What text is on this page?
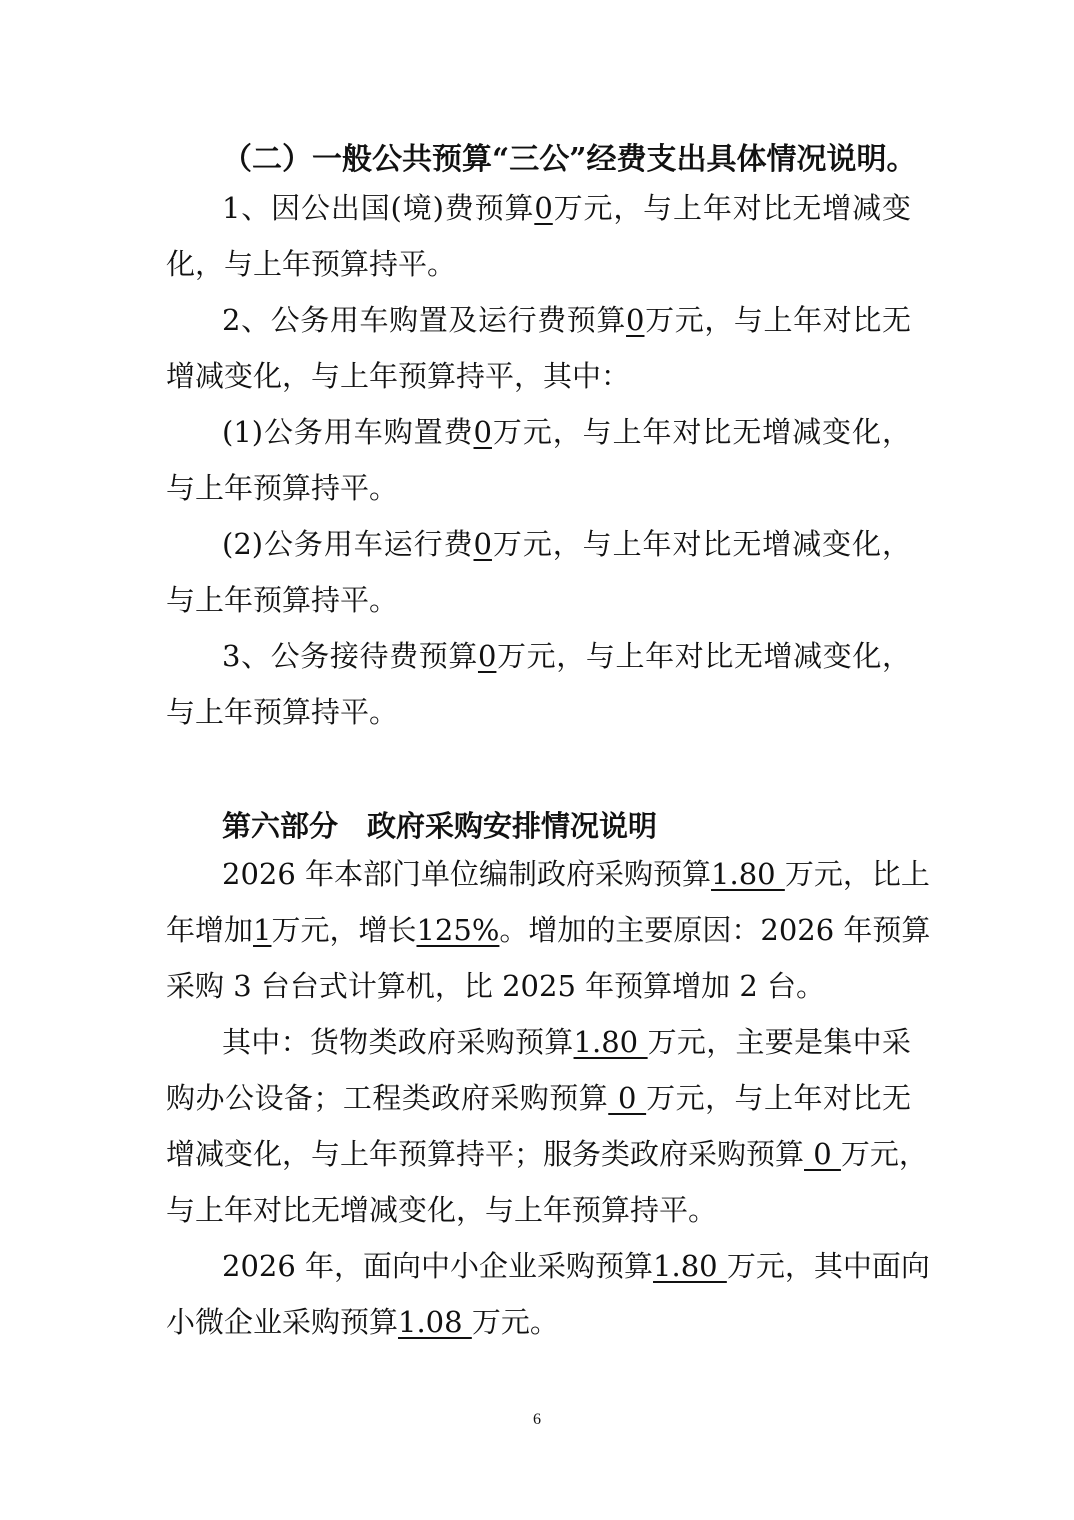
（二）一般公共预算“三公”经费支出具体情况说明。
1、因公出国(境)费预算0万元，与上年对比无增减变
化，与上年预算持平。
2、公务用车购置及运行费预算0万元，与上年对比无
增减变化，与上年预算持平，其中：
(1)公务用车购置费0万元，与上年对比无增减变化，
与上年预算持平。
(2)公务用车运行费0万元，与上年对比无增减变化，
与上年预算持平。
3、公务接待费预算0万元，与上年对比无增减变化，
与上年预算持平。
第六部分　政府采购安排情况说明
2026 年本部门单位编制政府采购预算1.80 万元，比上
年增加1万元，增长125%。增加的主要原因：2026 年预算
采购 3 台台式计算机，比 2025 年预算增加 2 台。
其中：货物类政府采购预算1.80 万元，主要是集中采
购办公设备；工程类政府采购预算 0 万元，与上年对比无
增减变化，与上年预算持平；服务类政府采购预算 0 万元，
与上年对比无增减变化，与上年预算持平。
2026 年，面向中小企业采购预算1.80 万元，其中面向
小微企业采购预算1.08 万元。
6
